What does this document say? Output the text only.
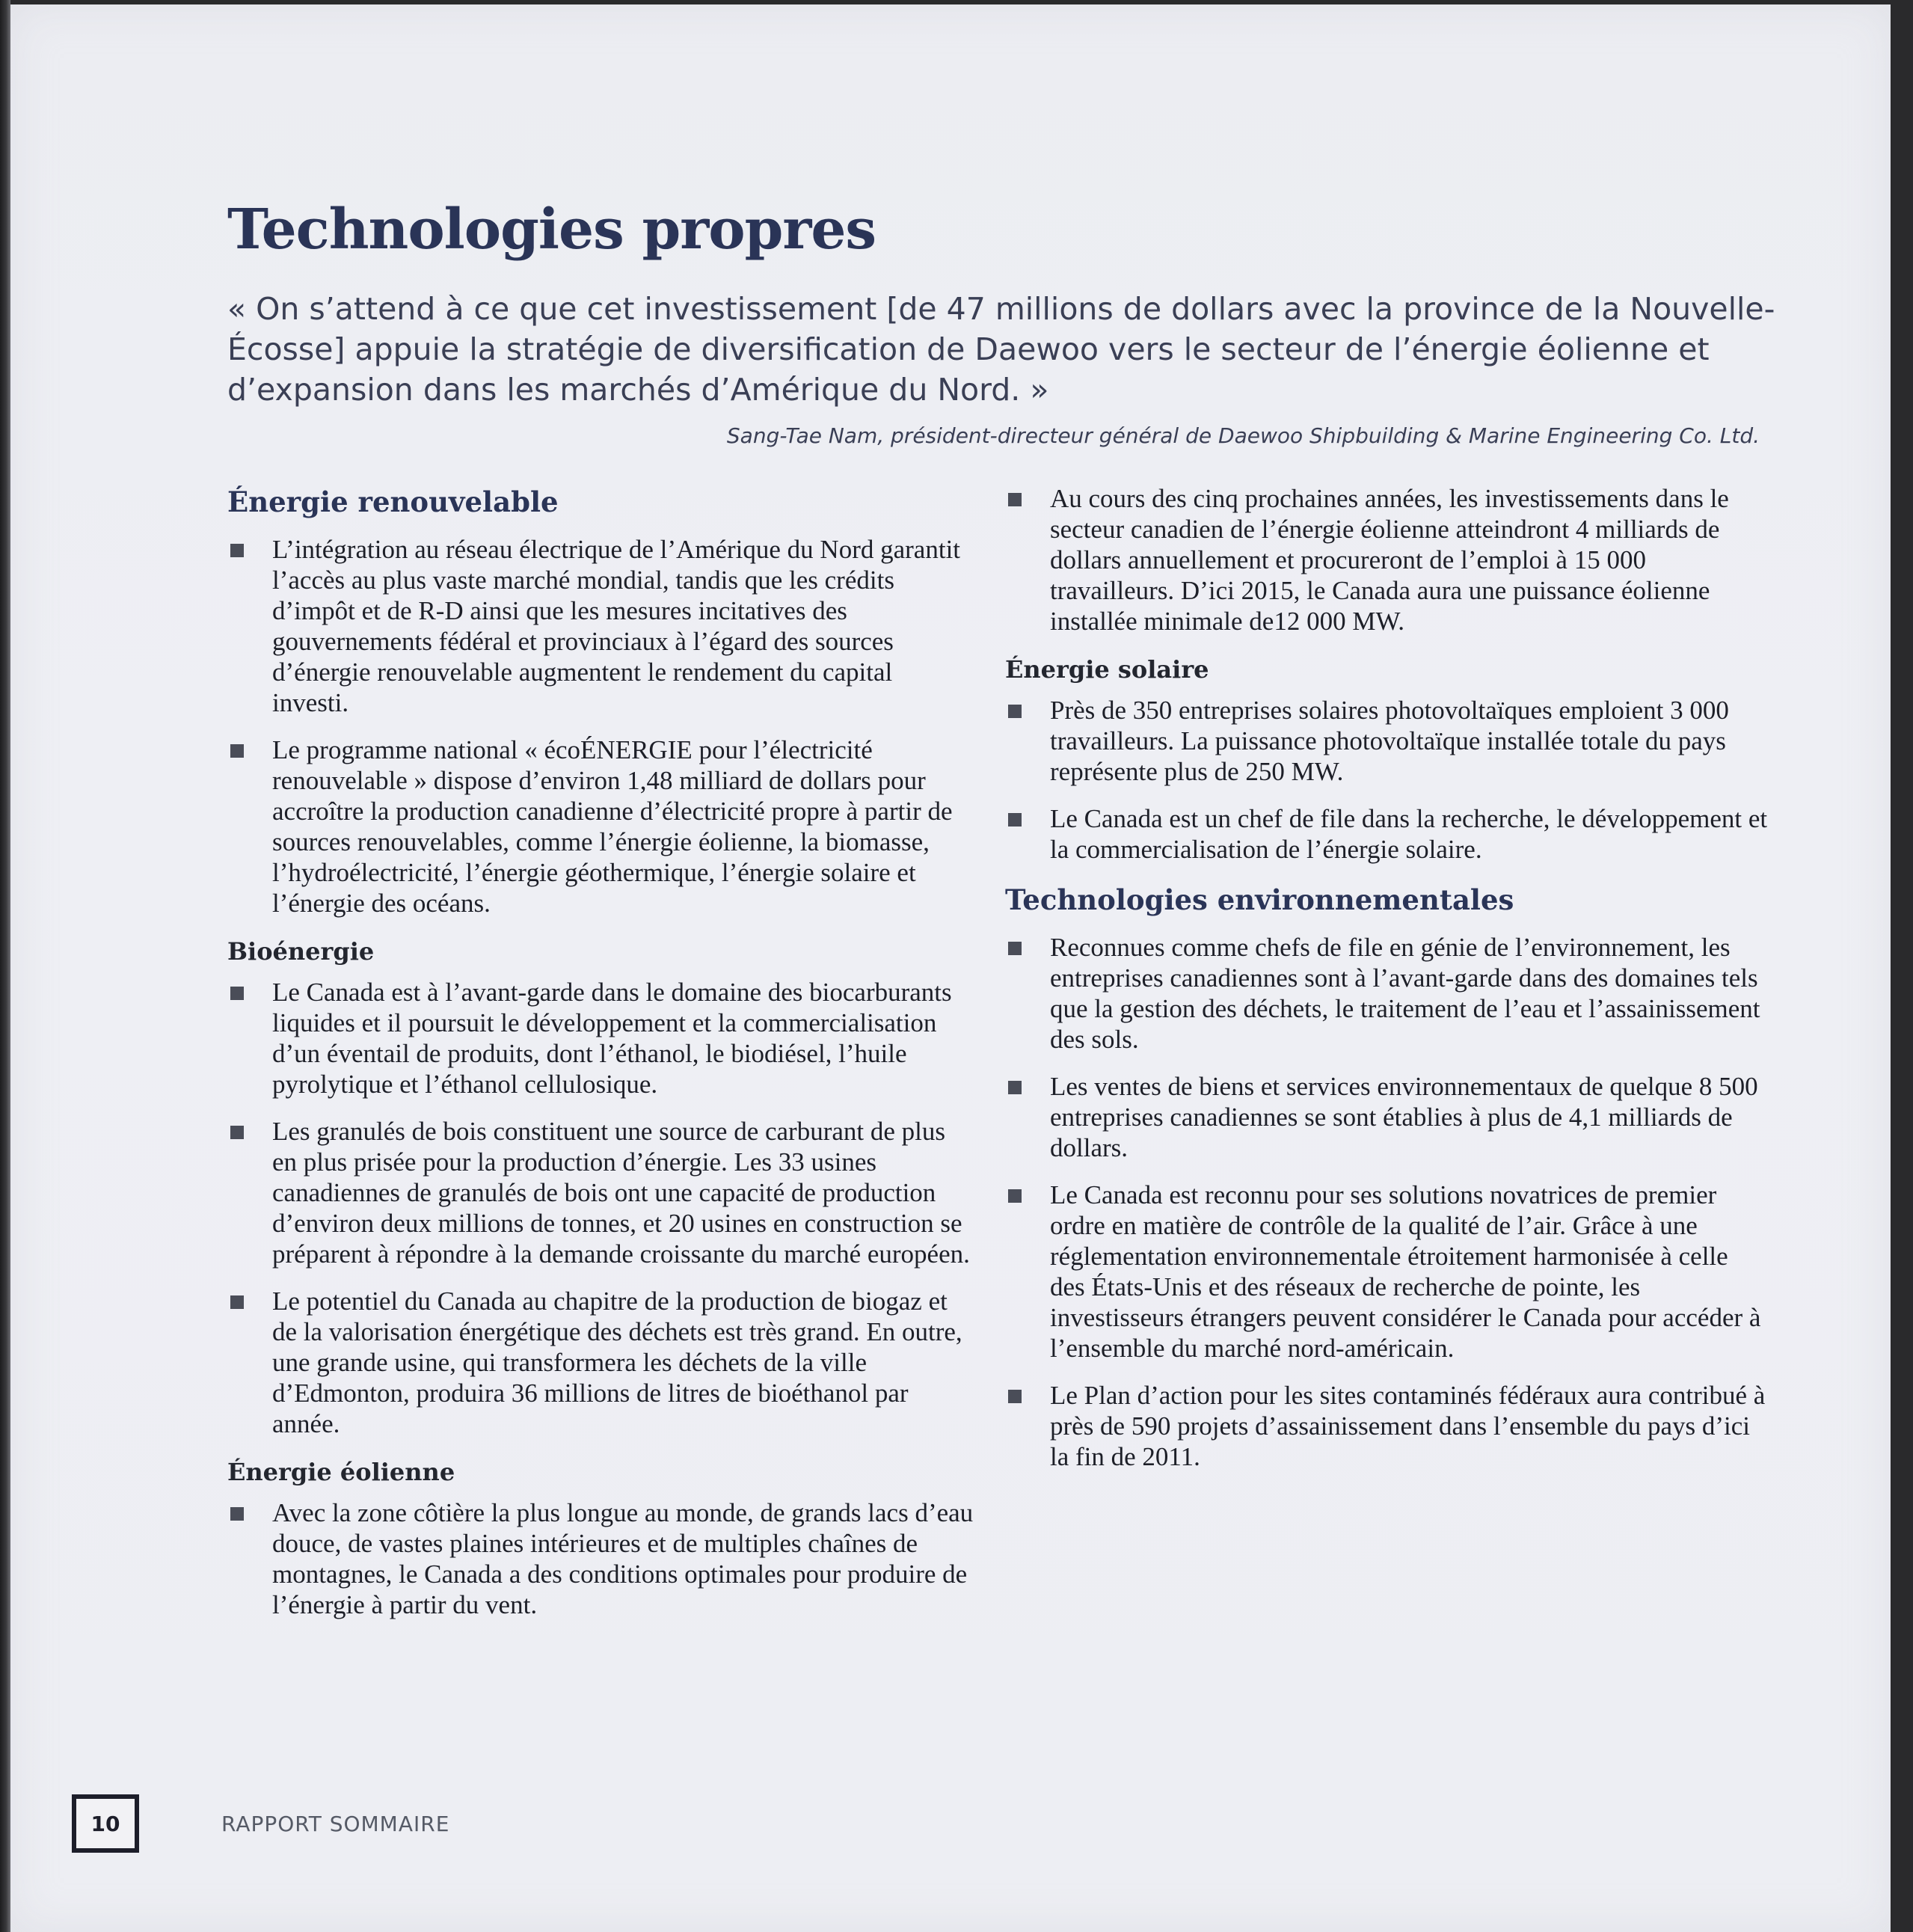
Technologies propres

« On s’attend à ce que cet investissement [de 47 millions de dollars avec la province de la Nouvelle-Écosse] appuie la stratégie de diversification de Daewoo vers le secteur de l’énergie éolienne et d’expansion dans les marchés d’Amérique du Nord. »

Sang-Tae Nam, président-directeur général de Daewoo Shipbuilding & Marine Engineering Co. Ltd.

Énergie renouvelable
L’intégration au réseau électrique de l’Amérique du Nord garantit l’accès au plus vaste marché mondial, tandis que les crédits d’impôt et de R-D ainsi que les mesures incitatives des gouvernements fédéral et provinciaux à l’égard des sources d’énergie renouvelable augmentent le rendement du capital investi.
Le programme national « écoÉNERGIE pour l’électricité renouvelable » dispose d’environ 1,48 milliard de dollars pour accroître la production canadienne d’électricité propre à partir de sources renouvelables, comme l’énergie éolienne, la biomasse, l’hydroélectricité, l’énergie géothermique, l’énergie solaire et l’énergie des océans.
Bioénergie
Le Canada est à l’avant-garde dans le domaine des biocarburants liquides et il poursuit le développement et la commercialisation d’un éventail de produits, dont l’éthanol, le biodiésel, l’huile pyrolytique et l’éthanol cellulosique.
Les granulés de bois constituent une source de carburant de plus en plus prisée pour la production d’énergie. Les 33 usines canadiennes de granulés de bois ont une capacité de production d’environ deux millions de tonnes, et 20 usines en construction se préparent à répondre à la demande croissante du marché européen.
Le potentiel du Canada au chapitre de la production de biogaz et de la valorisation énergétique des déchets est très grand. En outre, une grande usine, qui transformera les déchets de la ville d’Edmonton, produira 36 millions de litres de bioéthanol par année.
Énergie éolienne
Avec la zone côtière la plus longue au monde, de grands lacs d’eau douce, de vastes plaines intérieures et de multiples chaînes de montagnes, le Canada a des conditions optimales pour produire de l’énergie à partir du vent.
Au cours des cinq prochaines années, les investissements dans le secteur canadien de l’énergie éolienne atteindront 4 milliards de dollars annuellement et procureront de l’emploi à 15 000 travailleurs. D’ici 2015, le Canada aura une puissance éolienne installée minimale de12 000 MW.
Énergie solaire
Près de 350 entreprises solaires photovoltaïques emploient 3 000 travailleurs. La puissance photovoltaïque installée totale du pays représente plus de 250 MW.
Le Canada est un chef de file dans la recherche, le développement et la commercialisation de l’énergie solaire.
Technologies environnementales
Reconnues comme chefs de file en génie de l’environnement, les entreprises canadiennes sont à l’avant-garde dans des domaines tels que la gestion des déchets, le traitement de l’eau et l’assainissement des sols.
Les ventes de biens et services environnementaux de quelque 8 500 entreprises canadiennes se sont établies à plus de 4,1 milliards de dollars.
Le Canada est reconnu pour ses solutions novatrices de premier ordre en matière de contrôle de la qualité de l’air. Grâce à une réglementation environnementale étroitement harmonisée à celle des États-Unis et des réseaux de recherche de pointe, les investisseurs étrangers peuvent considérer le Canada pour accéder à l’ensemble du marché nord-américain.
Le Plan d’action pour les sites contaminés fédéraux aura contribué à près de 590 projets d’assainissement dans l’ensemble du pays d’ici la fin de 2011.
10	RAPPORT SOMMAIRE
